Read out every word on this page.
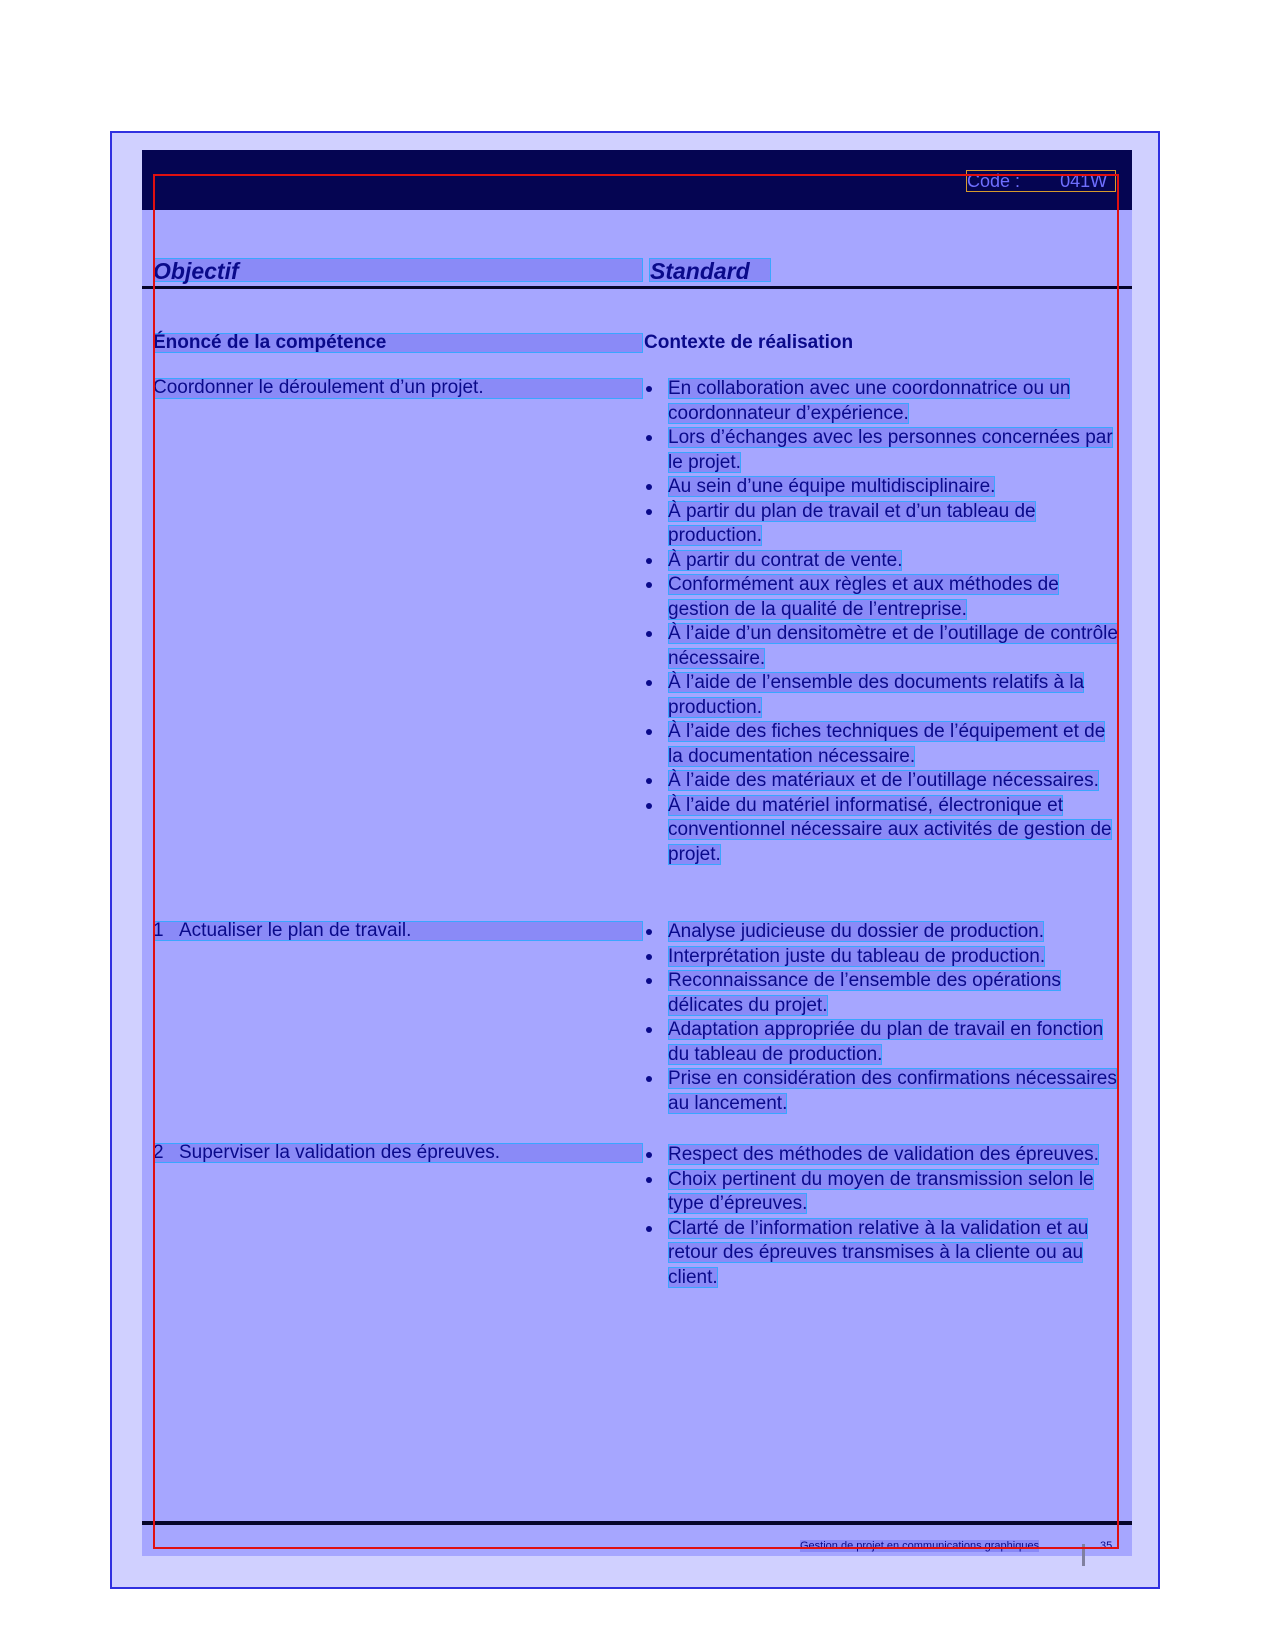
Code : 041W
Objectif	Standard
Énoncé de la compétence	Contexte de réalisation
Coordonner le déroulement d’un projet.	En collaboration avec une coordonnatrice ou un coordonnateur d’expérience.
Lors d’échanges avec les personnes concernées par le projet.
Au sein d’une équipe multidisciplinaire.
À partir du plan de travail et d’un tableau de production.
À partir du contrat de vente.
Conformément aux règles et aux méthodes de gestion de la qualité de l’entreprise.
À l’aide d’un densitomètre et de l’outillage de contrôle nécessaire.
À l’aide de l’ensemble des documents relatifs à la production.
À l’aide des fiches techniques de l’équipement et de la documentation nécessaire.
À l’aide des matériaux et de l’outillage nécessaires.
À l’aide du matériel informatisé, électronique et conventionnel nécessaire aux activités de gestion de projet.
1 Actualiser le plan de travail.	Analyse judicieuse du dossier de production.
Interprétation juste du tableau de production.
Reconnaissance de l’ensemble des opérations délicates du projet.
Adaptation appropriée du plan de travail en fonction du tableau de production.
Prise en considération des confirmations nécessaires au lancement.
2 Superviser la validation des épreuves.	Respect des méthodes de validation des épreuves.
Choix pertinent du moyen de transmission selon le type d’épreuves.
Clarté de l’information relative à la validation et au retour des épreuves transmises à la cliente ou au client.
Gestion de projet en communications graphiques	35
